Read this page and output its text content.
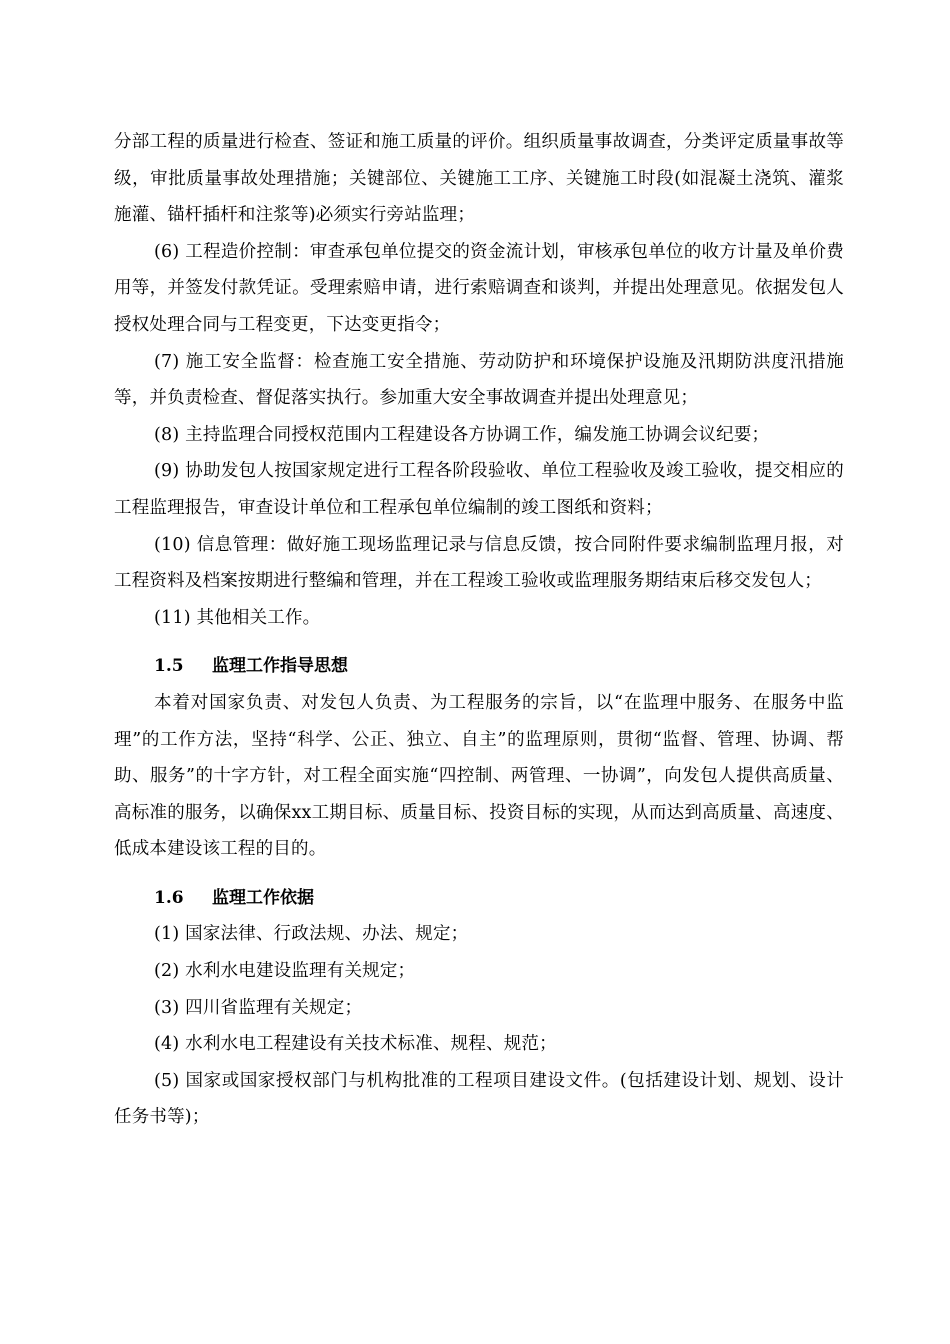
分部工程的质量进行检查、签证和施工质量的评价。组织质量事故调查，分类评定质量事故等级，审批质量事故处理措施；关键部位、关键施工工序、关键施工时段(如混凝土浇筑、灌浆施灌、锚杆插杆和注浆等)必须实行旁站监理；

(6) 工程造价控制：审查承包单位提交的资金流计划，审核承包单位的收方计量及单价费用等，并签发付款凭证。受理索赔申请，进行索赔调查和谈判，并提出处理意见。依据发包人授权处理合同与工程变更，下达变更指令；

(7) 施工安全监督：检查施工安全措施、劳动防护和环境保护设施及汛期防洪度汛措施等，并负责检查、督促落实执行。参加重大安全事故调查并提出处理意见；

(8) 主持监理合同授权范围内工程建设各方协调工作，编发施工协调会议纪要；

(9) 协助发包人按国家规定进行工程各阶段验收、单位工程验收及竣工验收，提交相应的工程监理报告，审查设计单位和工程承包单位编制的竣工图纸和资料；

(10) 信息管理：做好施工现场监理记录与信息反馈，按合同附件要求编制监理月报，对工程资料及档案按期进行整编和管理，并在工程竣工验收或监理服务期结束后移交发包人；

(11) 其他相关工作。

1.5	监理工作指导思想

本着对国家负责、对发包人负责、为工程服务的宗旨，以“在监理中服务、在服务中监理”的工作方法，坚持“科学、公正、独立、自主”的监理原则，贯彻“监督、管理、协调、帮助、服务”的十字方针，对工程全面实施“四控制、两管理、一协调”，向发包人提供高质量、高标准的服务，以确保xx工期目标、质量目标、投资目标的实现，从而达到高质量、高速度、低成本建设该工程的目的。

1.6	监理工作依据

(1) 国家法律、行政法规、办法、规定；

(2) 水利水电建设监理有关规定；

(3) 四川省监理有关规定；

(4) 水利水电工程建设有关技术标准、规程、规范；

(5) 国家或国家授权部门与机构批准的工程项目建设文件。(包括建设计划、规划、设计任务书等)；
